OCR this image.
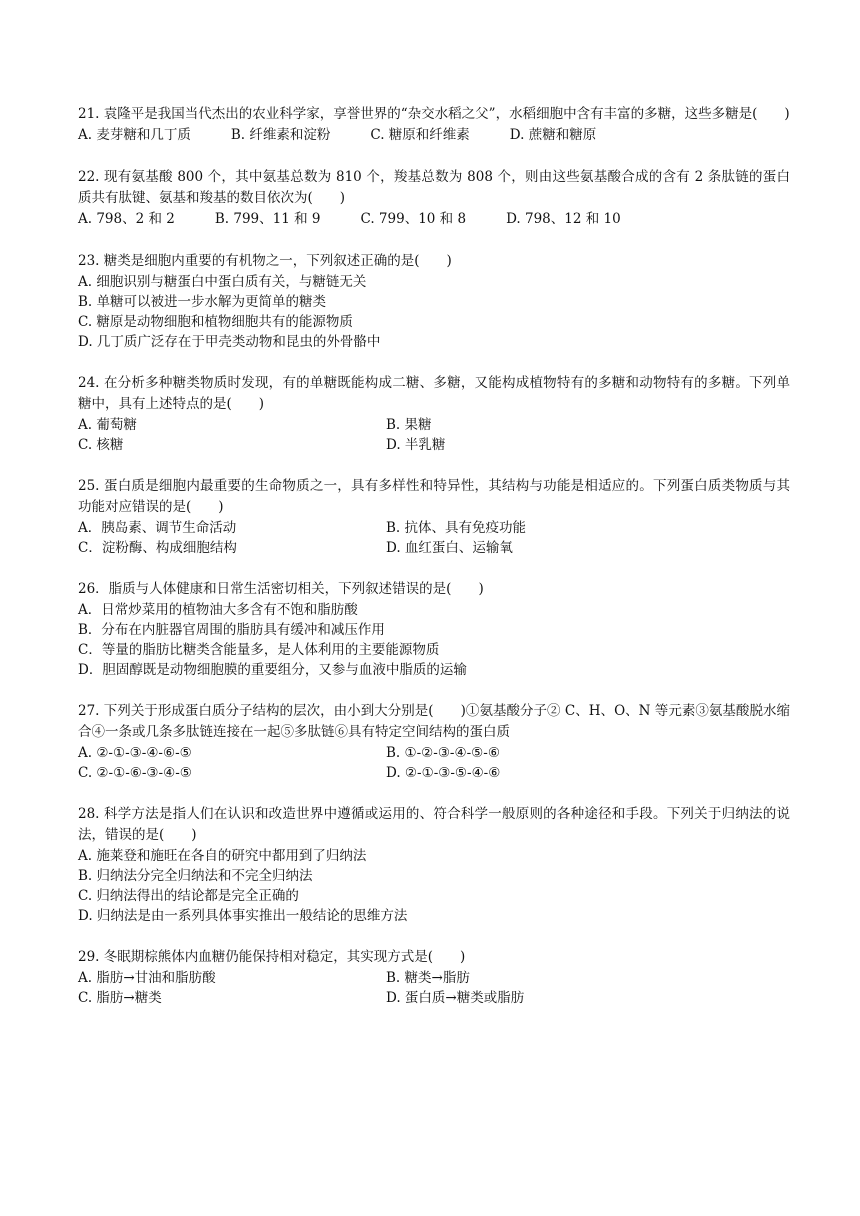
21. 袁隆平是我国当代杰出的农业科学家，享誉世界的“杂交水稻之父”，水稻细胞中含有丰富的多糖，这些多糖是(　　)

A. 麦芽糖和几丁质	B. 纤维素和淀粉	C. 糖原和纤维素	D. 蔗糖和糖原

22. 现有氨基酸 800 个，其中氨基总数为 810 个，羧基总数为 808 个，则由这些氨基酸合成的含有 2 条肽链的蛋白质共有肽键、氨基和羧基的数目依次为(　　)

A. 798、2 和 2	B. 799、11 和 9	C. 799、10 和 8	D. 798、12 和 10

23. 糖类是细胞内重要的有机物之一，下列叙述正确的是(　　)

A. 细胞识别与糖蛋白中蛋白质有关，与糖链无关
B. 单糖可以被进一步水解为更简单的糖类
C. 糖原是动物细胞和植物细胞共有的能源物质
D. 几丁质广泛存在于甲壳类动物和昆虫的外骨骼中

24. 在分析多种糖类物质时发现，有的单糖既能构成二糖、多糖，又能构成植物特有的多糖和动物特有的多糖。下列单糖中，具有上述特点的是(　　)

A. 葡萄糖	B. 果糖
C. 核糖	D. 半乳糖

25. 蛋白质是细胞内最重要的生命物质之一，具有多样性和特异性，其结构与功能是相适应的。下列蛋白质类物质与其功能对应错误的是(　　)

A．胰岛素、调节生命活动	B. 抗体、具有免疫功能
C．淀粉酶、构成细胞结构	D. 血红蛋白、运输氧

26．脂质与人体健康和日常生活密切相关，下列叙述错误的是(　　)

A．日常炒菜用的植物油大多含有不饱和脂肪酸
B．分布在内脏器官周围的脂肪具有缓冲和减压作用
C．等量的脂肪比糖类含能量多，是人体利用的主要能源物质
D．胆固醇既是动物细胞膜的重要组分，又参与血液中脂质的运输

27. 下列关于形成蛋白质分子结构的层次，由小到大分别是(　　)①氨基酸分子② C、H、O、N 等元素③氨基酸脱水缩合④一条或几条多肽链连接在一起⑤多肽链⑥具有特定空间结构的蛋白质

A. ②-①-③-④-⑥-⑤	B. ①-②-③-④-⑤-⑥
C. ②-①-⑥-③-④-⑤	D. ②-①-③-⑤-④-⑥

28. 科学方法是指人们在认识和改造世界中遵循或运用的、符合科学一般原则的各种途径和手段。下列关于归纳法的说法，错误的是(　　)

A. 施莱登和施旺在各自的研究中都用到了归纳法
B. 归纳法分完全归纳法和不完全归纳法
C. 归纳法得出的结论都是完全正确的
D. 归纳法是由一系列具体事实推出一般结论的思维方法

29. 冬眠期棕熊体内血糖仍能保持相对稳定，其实现方式是(　　)

A. 脂肪→甘油和脂肪酸	B. 糖类→脂肪
C. 脂肪→糖类	D. 蛋白质→糖类或脂肪
